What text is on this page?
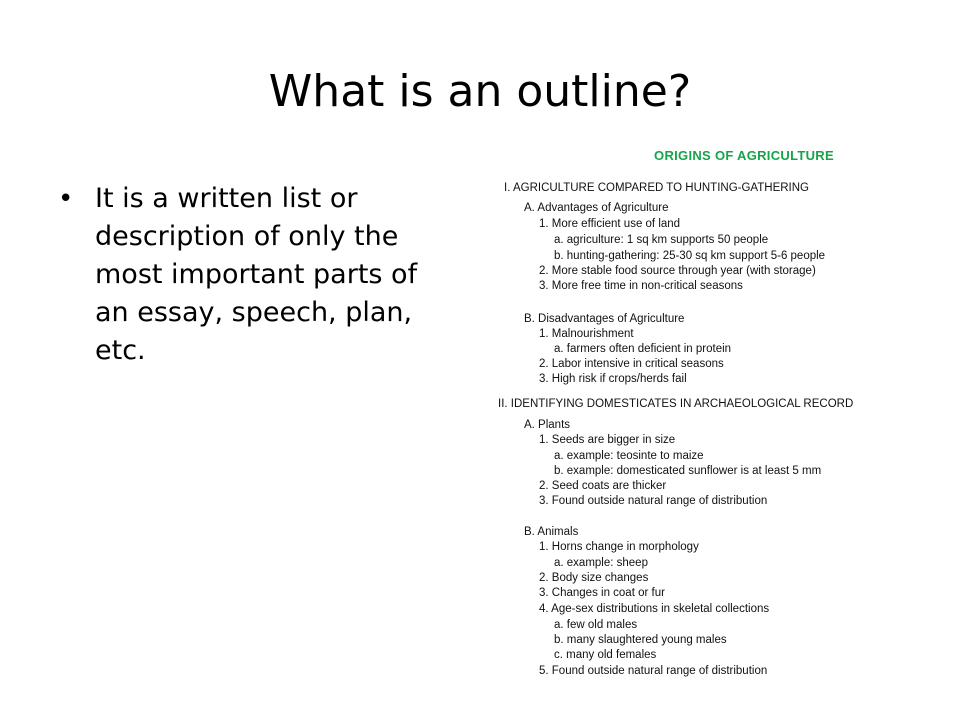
What is an outline?
• It is a written list or description of only the most important parts of an essay, speech, plan, etc.
ORIGINS OF AGRICULTURE
I. AGRICULTURE COMPARED TO HUNTING-GATHERING
A. Advantages of Agriculture
1. More efficient use of land
a. agriculture: 1 sq km supports 50 people
b. hunting-gathering: 25-30 sq km support 5-6 people
2. More stable food source through year (with storage)
3. More free time in non-critical seasons
B. Disadvantages of Agriculture
1. Malnourishment
a. farmers often deficient in protein
2. Labor intensive in critical seasons
3. High risk if crops/herds fail
II. IDENTIFYING DOMESTICATES IN ARCHAEOLOGICAL RECORD
A. Plants
1. Seeds are bigger in size
a. example: teosinte to maize
b. example: domesticated sunflower is at least 5 mm
2. Seed coats are thicker
3. Found outside natural range of distribution
B. Animals
1. Horns change in morphology
a. example: sheep
2. Body size changes
3. Changes in coat or fur
4. Age-sex distributions in skeletal collections
a. few old males
b. many slaughtered young males
c. many old females
5. Found outside natural range of distribution
